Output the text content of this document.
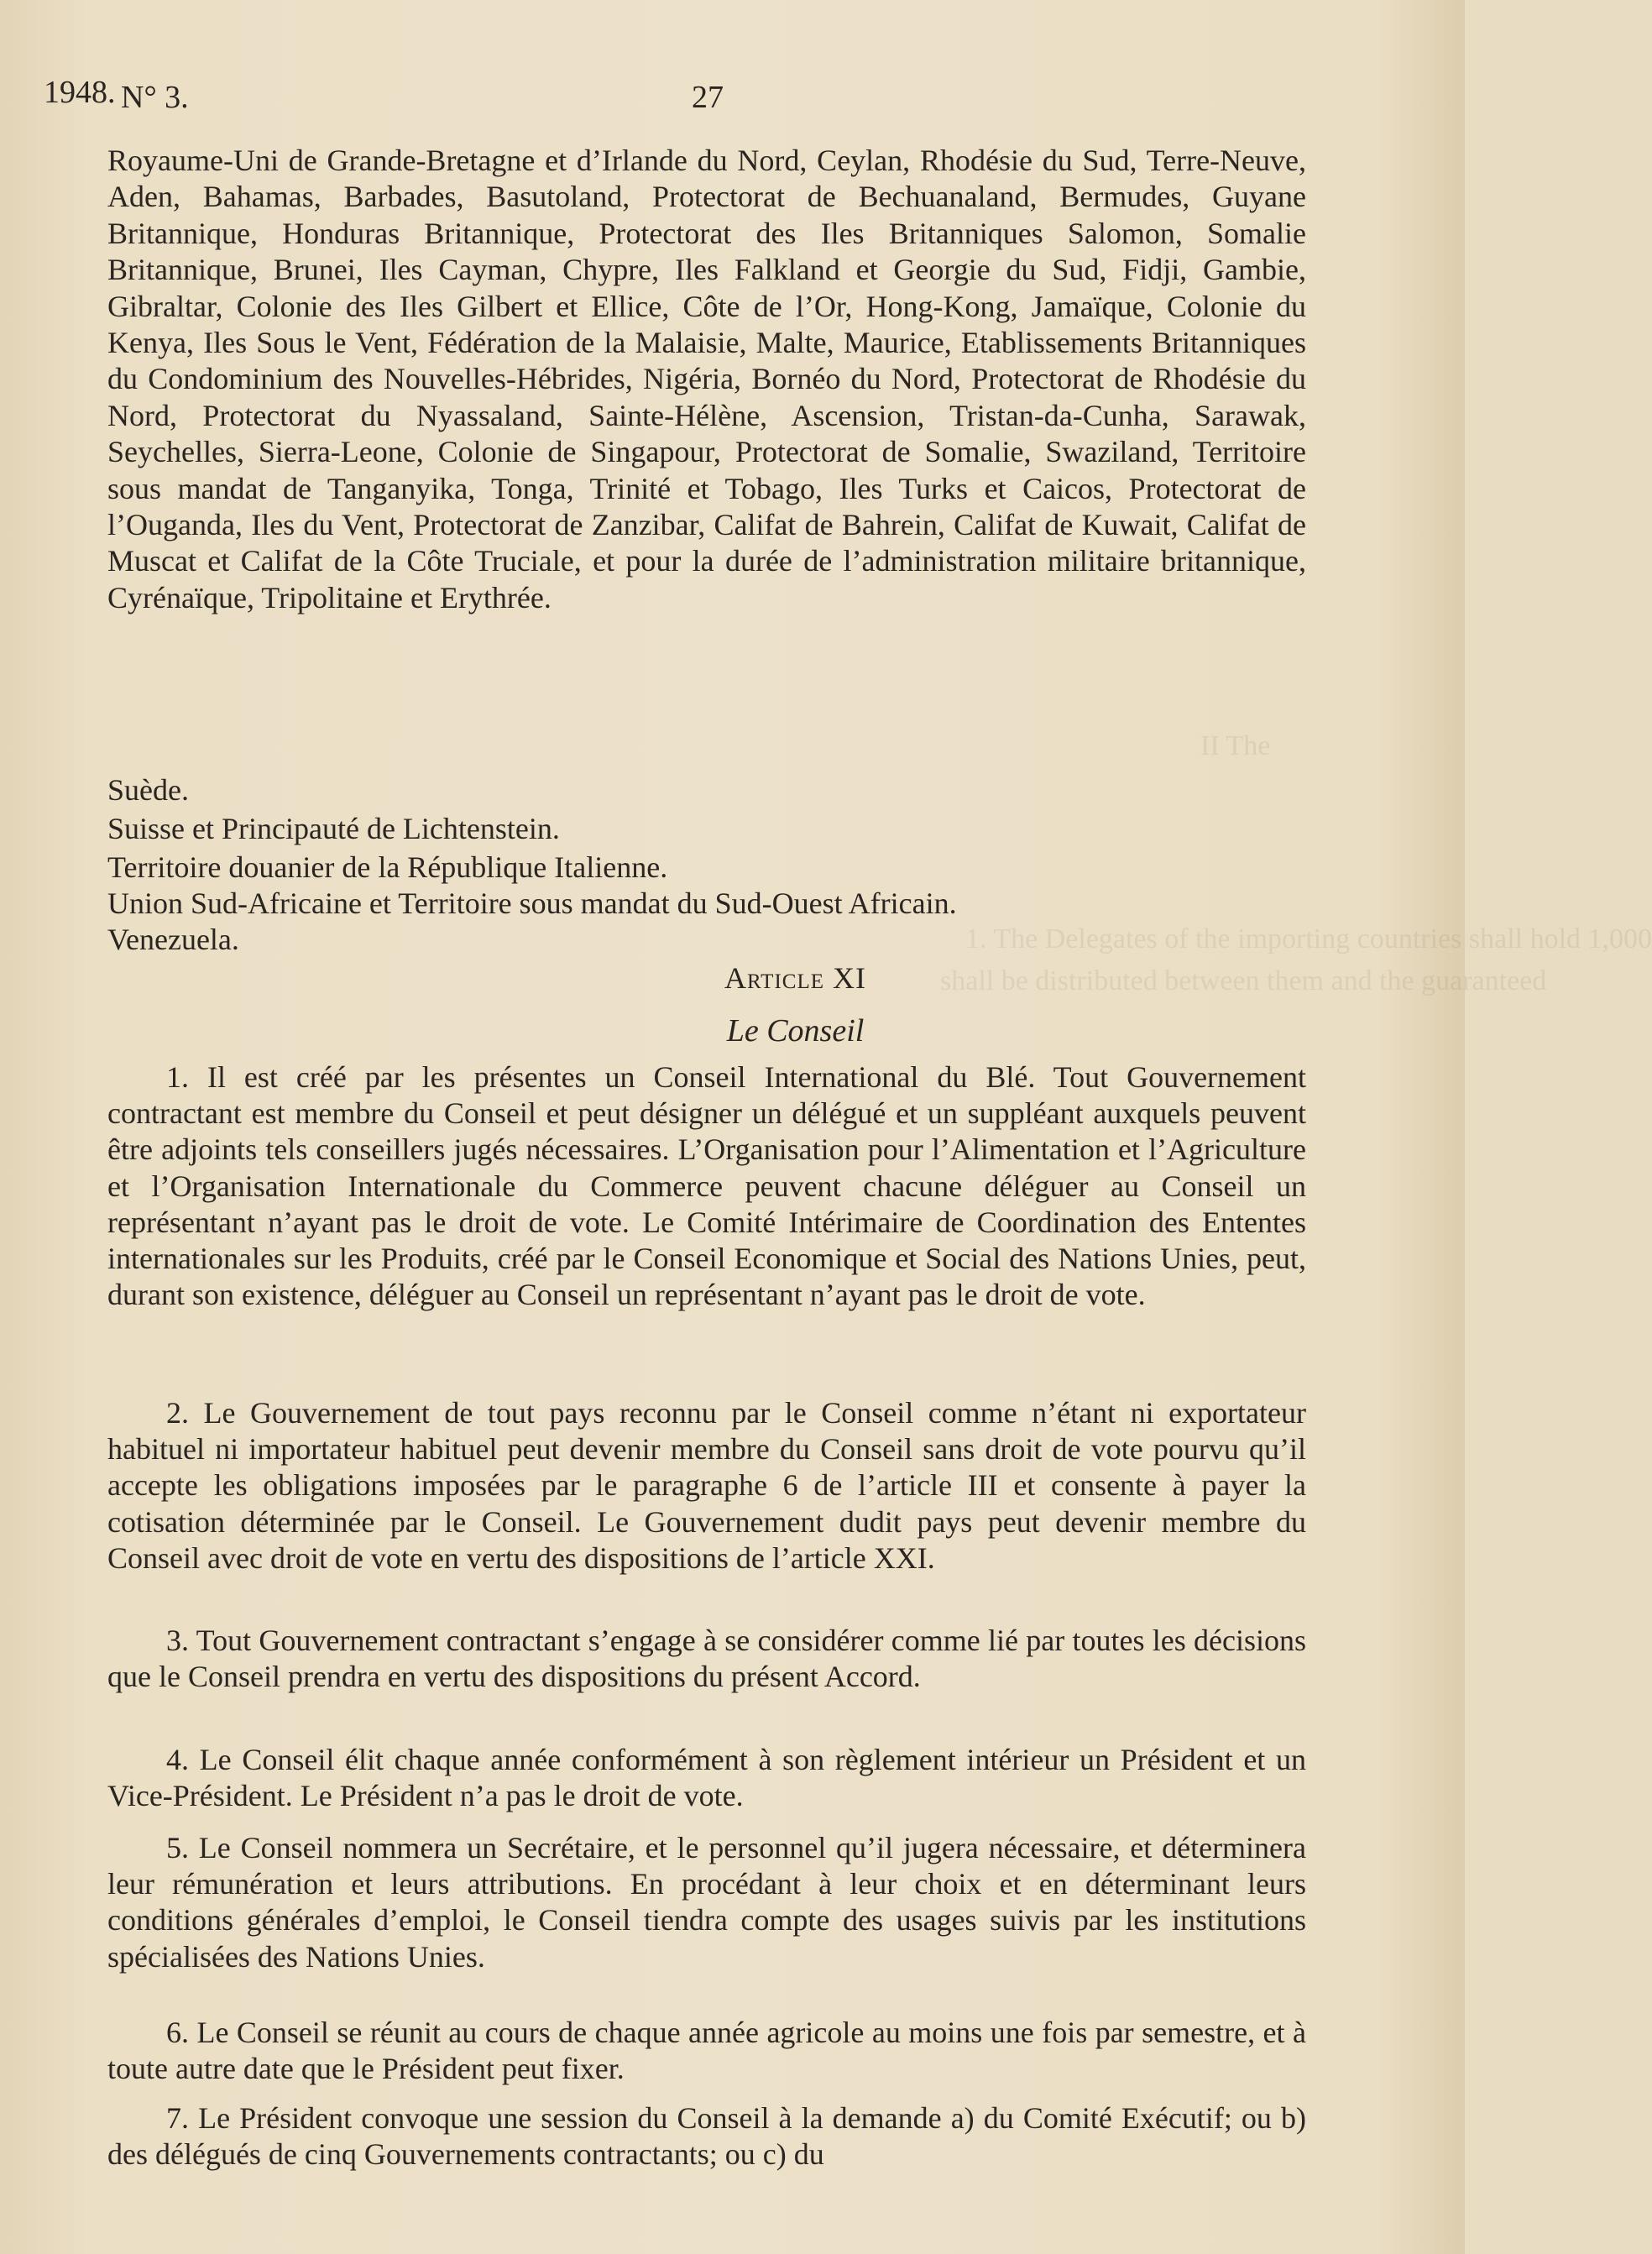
II The
1. The Delegates of the importing countries shall hold 1,000
shall be distributed between them and the guaranteed
1948. N° 3.	27
Royaume-Uni de Grande-Bretagne et d’Irlande du Nord, Ceylan, Rhodésie du Sud, Terre-Neuve, Aden, Bahamas, Barbades, Basutoland, Protectorat de Bechuanaland, Bermudes, Guyane Britannique, Honduras Britannique, Protectorat des Iles Britanniques Salomon, Somalie Britannique, Brunei, Iles Cayman, Chypre, Iles Falkland et Georgie du Sud, Fidji, Gambie, Gibraltar, Colonie des Iles Gilbert et Ellice, Côte de l’Or, Hong-Kong, Jamaïque, Colonie du Kenya, Iles Sous le Vent, Fédération de la Malaisie, Malte, Maurice, Etablissements Britanniques du Condominium des Nouvelles-Hébrides, Nigéria, Bornéo du Nord, Protectorat de Rhodésie du Nord, Protectorat du Nyassaland, Sainte-Hélène, Ascension, Tristan-da-Cunha, Sarawak, Seychelles, Sierra-Leone, Colonie de Singapour, Protectorat de Somalie, Swaziland, Territoire sous mandat de Tanganyika, Tonga, Trinité et Tobago, Iles Turks et Caicos, Protectorat de l’Ouganda, Iles du Vent, Protectorat de Zanzibar, Califat de Bahrein, Califat de Kuwait, Califat de Muscat et Califat de la Côte Truciale, et pour la durée de l’administration militaire britannique, Cyrénaïque, Tripolitaine et Erythrée.
Suède.
Suisse et Principauté de Lichtenstein.
Territoire douanier de la République Italienne.
Union Sud-Africaine et Territoire sous mandat du Sud-Ouest Africain.
Venezuela.
Article XI
Le Conseil
1. Il est créé par les présentes un Conseil International du Blé. Tout Gouvernement contractant est membre du Conseil et peut désigner un délégué et un suppléant auxquels peuvent être adjoints tels conseillers jugés nécessaires. L’Organisation pour l’Alimentation et l’Agriculture et l’Organisation Internationale du Commerce peuvent chacune déléguer au Conseil un représentant n’ayant pas le droit de vote. Le Comité Intérimaire de Coordination des Ententes internationales sur les Produits, créé par le Conseil Economique et Social des Nations Unies, peut, durant son existence, déléguer au Conseil un représentant n’ayant pas le droit de vote.
2. Le Gouvernement de tout pays reconnu par le Conseil comme n’étant ni exportateur habituel ni importateur habituel peut devenir membre du Conseil sans droit de vote pourvu qu’il accepte les obligations imposées par le paragraphe 6 de l’article III et consente à payer la cotisation déterminée par le Conseil. Le Gouvernement dudit pays peut devenir membre du Conseil avec droit de vote en vertu des dispositions de l’article XXI.
3. Tout Gouvernement contractant s’engage à se considérer comme lié par toutes les décisions que le Conseil prendra en vertu des dispositions du présent Accord.
4. Le Conseil élit chaque année conformément à son règlement intérieur un Président et un Vice-Président. Le Président n’a pas le droit de vote.
5. Le Conseil nommera un Secrétaire, et le personnel qu’il jugera nécessaire, et déterminera leur rémunération et leurs attributions. En procédant à leur choix et en déterminant leurs conditions générales d’emploi, le Conseil tiendra compte des usages suivis par les institutions spécialisées des Nations Unies.
6. Le Conseil se réunit au cours de chaque année agricole au moins une fois par semestre, et à toute autre date que le Président peut fixer.
7. Le Président convoque une session du Conseil à la demande a) du Comité Exécutif; ou b) des délégués de cinq Gouvernements contractants; ou c) du
